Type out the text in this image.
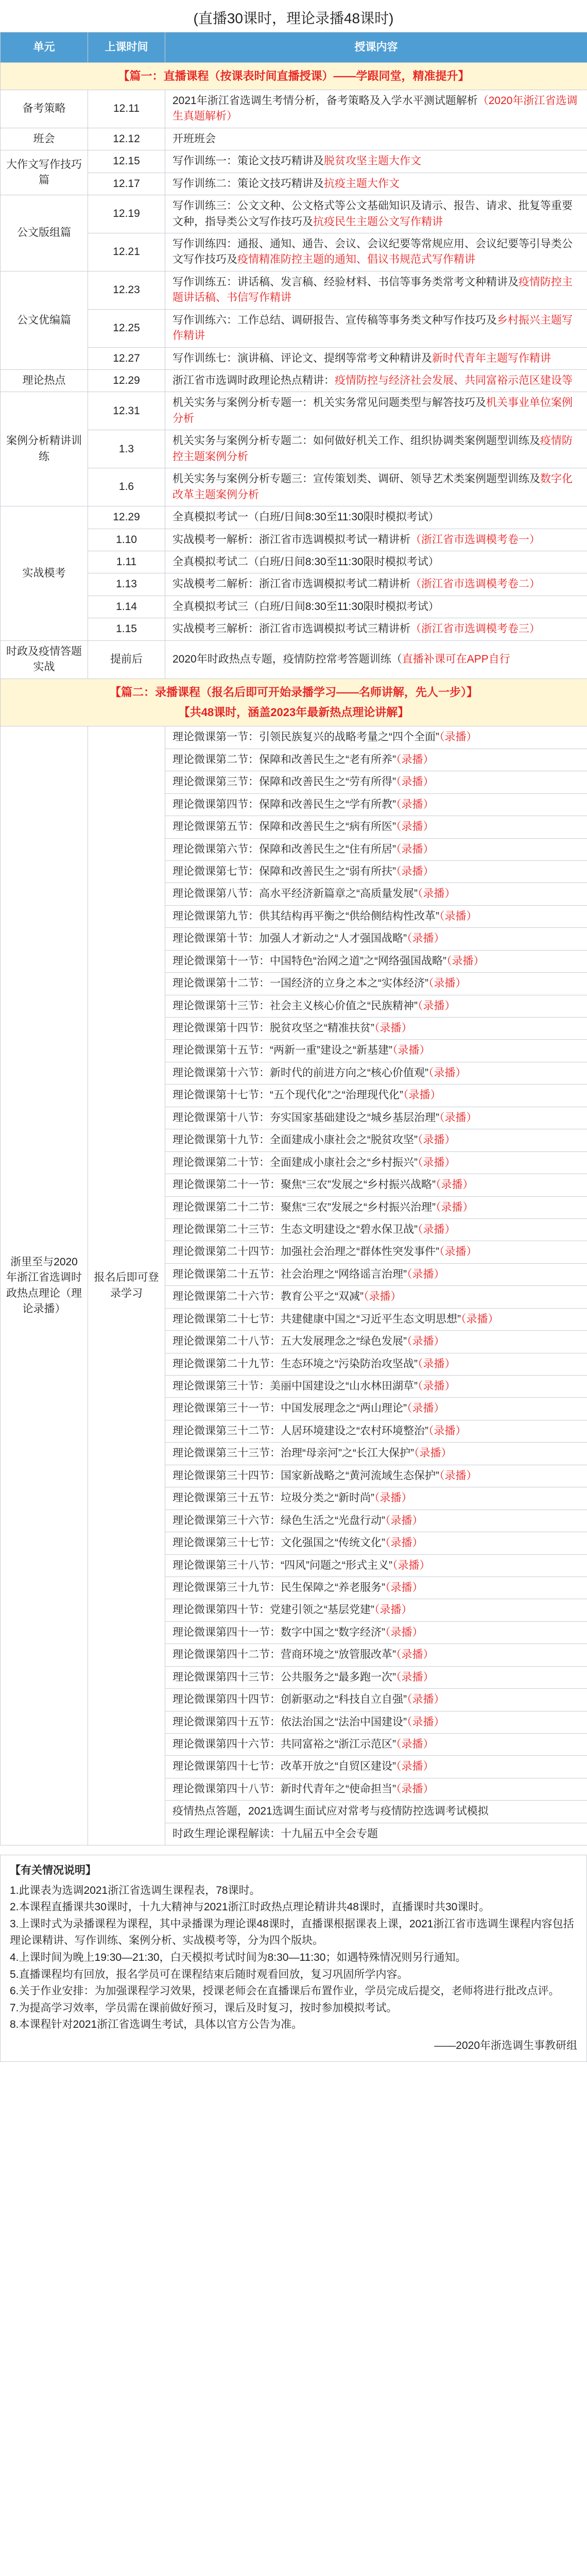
(直播30课时，理论录播48课时)
单元	上课时间	授课内容

【篇一：直播课程（按课表时间直播授课）——学跟同堂，精准提升】		

备考策略	12.11	2021年浙江省选调生考情分析，备考策略及入学水平测试题解析（2020年浙江省选调生真题解析）
班会	12.12	开班班会
大作文写作技巧篇	12.15	写作训练一：策论文技巧精讲及脱贫攻坚主题大作文
	12.17	写作训练二：策论文技巧精讲及抗疫主题大作文
公文版组篇	12.19	写作训练三：公文文种、公文格式等公文基础知识及请示、报告、请求、批复等重要文种，指导类公文写作技巧及抗疫民生主题公文写作精讲
	12.21	写作训练四：通报、通知、通告、会议、会议纪要等常规应用、会议纪要等引导类公文写作技巧及疫情精准防控主题的通知、倡议书规范式写作精讲
公文优编篇	12.23	写作训练五：讲话稿、发言稿、经验材料、书信等事务类常考文种精讲及疫情防控主题讲话稿、书信写作精讲
	12.25	写作训练六：工作总结、调研报告、宣传稿等事务类文种写作技巧及乡村振兴主题写作精讲
	12.27	写作训练七：演讲稿、评论文、提纲等常考文种精讲及新时代青年主题写作精讲
理论热点	12.29	浙江省市选调时政理论热点精讲：疫情防控与经济社会发展、共同富裕示范区建设等
案例分析精讲训练	12.31	机关实务与案例分析专题一：机关实务常见问题类型与解答技巧及机关事业单位案例分析
	1.3	机关实务与案例分析专题二：如何做好机关工作、组织协调类案例题型训练及疫情防控主题案例分析
	1.6	机关实务与案例分析专题三：宣传策划类、调研、领导艺术类案例题型训练及数字化改革主题案例分析
实战模考	12.29	全真模拟考试一（白班/日间8:30至11:30限时模拟考试）
	1.10	实战模考一解析：浙江省市选调模拟考试一精讲析（浙江省市选调模考卷一）
	1.11	全真模拟考试二（白班/日间8:30至11:30限时模拟考试）
	1.13	实战模考二解析：浙江省市选调模拟考试二精讲析（浙江省市选调模考卷二）
	1.14	全真模拟考试三（白班/日间8:30至11:30限时模拟考试）
	1.15	实战模考三解析：浙江省市选调模拟考试三精讲析（浙江省市选调模考卷三）
时政及疫情答题实战	提前后	2020年时政热点专题，疫情防控常考答题训练（直播补课可在APP自行

【篇二：录播课程（报名后即可开始录播学习——名师讲解，先人一步）】
【共48课时，涵盖2023年最新热点理论讲解】		

浙里至与2020年浙江省选调时政热点理论（理论录播）	报名后即可登录学习	理论微课第一节：引领民族复兴的战略考量之“四个全面”（录播）
		理论微课第二节：保障和改善民生之“老有所养”（录播）
		理论微课第三节：保障和改善民生之“劳有所得”（录播）
		理论微课第四节：保障和改善民生之“学有所教”（录播）
		理论微课第五节：保障和改善民生之“病有所医”（录播）
		理论微课第六节：保障和改善民生之“住有所居”（录播）
		理论微课第七节：保障和改善民生之“弱有所扶”（录播）
		理论微课第八节：高水平经济新篇章之“高质量发展”（录播）
		理论微课第九节：供其结构再平衡之“供给侧结构性改革”（录播）
		理论微课第十节：加强人才新动之“人才强国战略”（录播）
		理论微课第十一节：中国特色“治网之道”之“网络强国战略”（录播）
		理论微课第十二节：一国经济的立身之本之“实体经济”（录播）
		理论微课第十三节：社会主义核心价值之“民族精神”（录播）
		理论微课第十四节：脱贫攻坚之“精准扶贫”（录播）
		理论微课第十五节：“两新一重”建设之“新基建”（录播）
		理论微课第十六节：新时代的前进方向之“核心价值观”（录播）
		理论微课第十七节：“五个现代化”之“治理现代化”（录播）
		理论微课第十八节：夯实国家基础建设之“城乡基层治理”（录播）
		理论微课第十九节：全面建成小康社会之“脱贫攻坚”（录播）
		理论微课第二十节：全面建成小康社会之“乡村振兴”（录播）
		理论微课第二十一节：聚焦“三农”发展之“乡村振兴战略”（录播）
		理论微课第二十二节：聚焦“三农”发展之“乡村振兴治理”（录播）
		理论微课第二十三节：生态文明建设之“碧水保卫战”（录播）
		理论微课第二十四节：加强社会治理之“群体性突发事件”（录播）
		理论微课第二十五节：社会治理之“网络谣言治理”（录播）
		理论微课第二十六节：教育公平之“双减”（录播）
		理论微课第二十七节：共建健康中国之“习近平生态文明思想”（录播）
		理论微课第二十八节：五大发展理念之“绿色发展”（录播）
		理论微课第二十九节：生态环境之“污染防治攻坚战”（录播）
		理论微课第三十节：美丽中国建设之“山水林田湖草”（录播）
		理论微课第三十一节：中国发展理念之“两山理论”（录播）
		理论微课第三十二节：人居环境建设之“农村环境整治”（录播）
		理论微课第三十三节：治理“母亲河”之“长江大保护”（录播）
		理论微课第三十四节：国家新战略之“黄河流域生态保护”（录播）
		理论微课第三十五节：垃圾分类之“新时尚”（录播）
		理论微课第三十六节：绿色生活之“光盘行动”（录播）
		理论微课第三十七节：文化强国之“传统文化”（录播）
		理论微课第三十八节：“四风”问题之“形式主义”（录播）
		理论微课第三十九节：民生保障之“养老服务”（录播）
		理论微课第四十节：党建引领之“基层党建”（录播）
		理论微课第四十一节：数字中国之“数字经济”（录播）
		理论微课第四十二节：营商环境之“放管服改革”（录播）
		理论微课第四十三节：公共服务之“最多跑一次”（录播）
		理论微课第四十四节：创新驱动之“科技自立自强”（录播）
		理论微课第四十五节：依法治国之“法治中国建设”（录播）
		理论微课第四十六节：共同富裕之“浙江示范区”（录播）
		理论微课第四十七节：改革开放之“自贸区建设”（录播）
		理论微课第四十八节：新时代青年之“使命担当”（录播）
		疫情热点答题，2021选调生面试应对常考与疫情防控选调考试模拟
		时政生理论课程解读：十九届五中全会专题
【有关情况说明】
1.此课表为选调2021浙江省选调生课程表，78课时。
2.本课程直播课共30课时，十九大精神与2021浙江时政热点理论精讲共48课时，直播课时共30课时。
3.上课时式为录播课程为课程，其中录播课为理论课48课时，直播课根据课表上课，2021浙江省市选调生课程内容包括理论课精讲、写作训练、案例分析、实战模考等，分为四个版块。
4.上课时间为晚上19:30—21:30，白天模拟考试时间为8:30—11:30；如遇特殊情况则另行通知。
5.直播课程均有回放，报名学员可在课程结束后随时观看回放，复习巩固所学内容。
6.关于作业安排：为加强课程学习效果，授课老师会在直播课后布置作业，学员完成后提交，老师将进行批改点评。
7.为提高学习效率，学员需在课前做好预习，课后及时复习，按时参加模拟考试。
8.本课程针对2021浙江省选调生考试，具体以官方公告为准。
——2020年浙选调生事教研组
